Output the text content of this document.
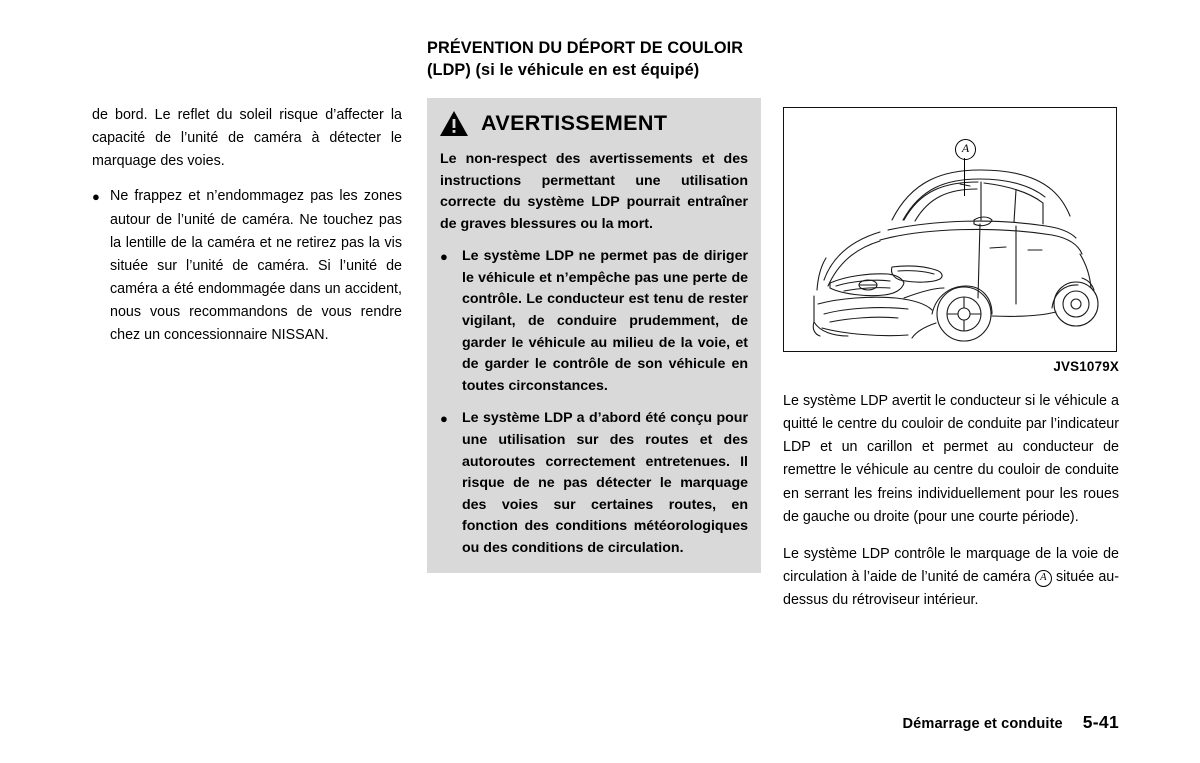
de bord. Le reflet du soleil risque d’affecter la capacité de l’unité de caméra à détecter le marquage des voies.

● Ne frappez et n’endommagez pas les zones autour de l’unité de caméra. Ne touchez pas la lentille de la caméra et ne retirez pas la vis située sur l’unité de caméra. Si l’unité de caméra a été endommagée dans un accident, nous vous recommandons de vous rendre chez un concessionnaire NISSAN.
PRÉVENTION DU DÉPORT DE COULOIR (LDP) (si le véhicule en est équipé)
AVERTISSEMENT

Le non-respect des avertissements et des instructions permettant une utilisation correcte du système LDP pourrait entraîner de graves blessures ou la mort.

● Le système LDP ne permet pas de diriger le véhicule et n’empêche pas une perte de contrôle. Le conducteur est tenu de rester vigilant, de conduire prudemment, de garder le véhicule au milieu de la voie, et de garder le contrôle de son véhicule en toutes circonstances.
● Le système LDP a d’abord été conçu pour une utilisation sur des routes et des autoroutes correctement entretenues. Il risque de ne pas détecter le marquage des voies sur certaines routes, en fonction des conditions météorologiques ou des conditions de circulation.
A
JVS1079X

Le système LDP avertit le conducteur si le véhicule a quitté le centre du couloir de conduite par l’indicateur LDP et un carillon et permet au conducteur de remettre le véhicule au centre du couloir de conduite en serrant les freins individuellement pour les roues de gauche ou droite (pour une courte période).

Le système LDP contrôle le marquage de la voie de circulation à l’aide de l’unité de caméra A située au-dessus du rétroviseur intérieur.

Démarrage et conduite 5-41
